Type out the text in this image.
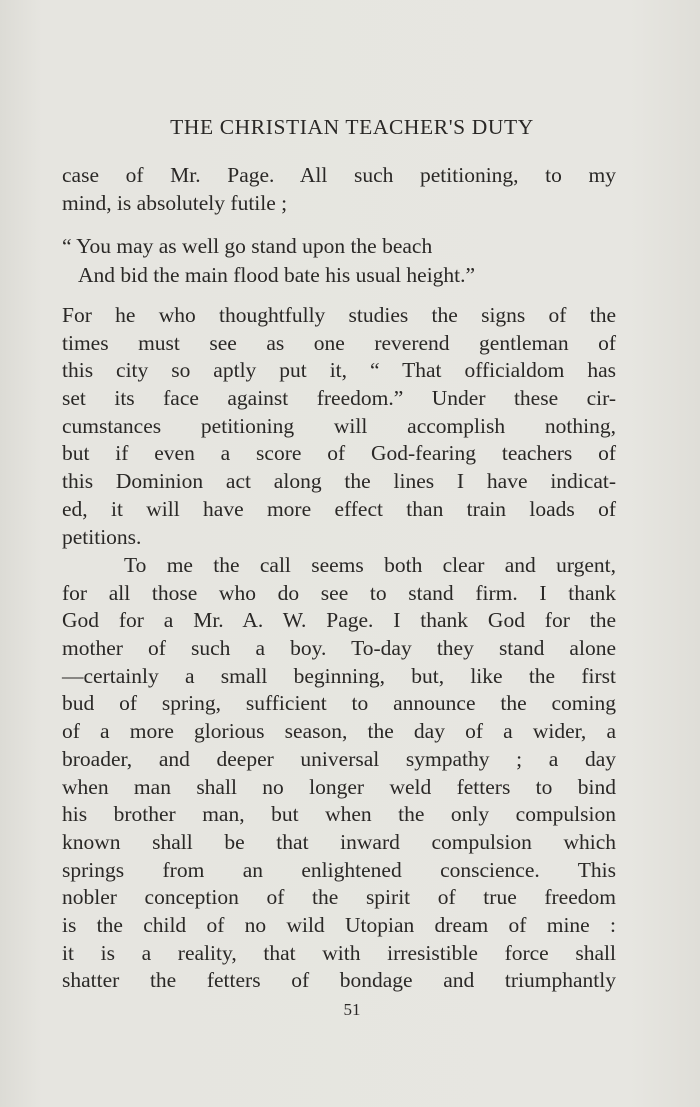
THE CHRISTIAN TEACHER'S DUTY
case of Mr. Page. All such petitioning, to my
mind, is absolutely futile ;
“ You may as well go stand upon the beach
And bid the main flood bate his usual height.”
For he who thoughtfully studies the signs of the
times must see as one reverend gentleman of
this city so aptly put it, “ That officialdom has
set its face against freedom.” Under these cir-
cumstances petitioning will accomplish nothing,
but if even a score of God-fearing teachers of
this Dominion act along the lines I have indicat-
ed, it will have more effect than train loads of
petitions.
To me the call seems both clear and urgent,
for all those who do see to stand firm. I thank
God for a Mr. A. W. Page. I thank God for the
mother of such a boy. To-day they stand alone
—certainly a small beginning, but, like the first
bud of spring, sufficient to announce the coming
of a more glorious season, the day of a wider, a
broader, and deeper universal sympathy ; a day
when man shall no longer weld fetters to bind
his brother man, but when the only compulsion
known shall be that inward compulsion which
springs from an enlightened conscience. This
nobler conception of the spirit of true freedom
is the child of no wild Utopian dream of mine :
it is a reality, that with irresistible force shall
shatter the fetters of bondage and triumphantly
51
